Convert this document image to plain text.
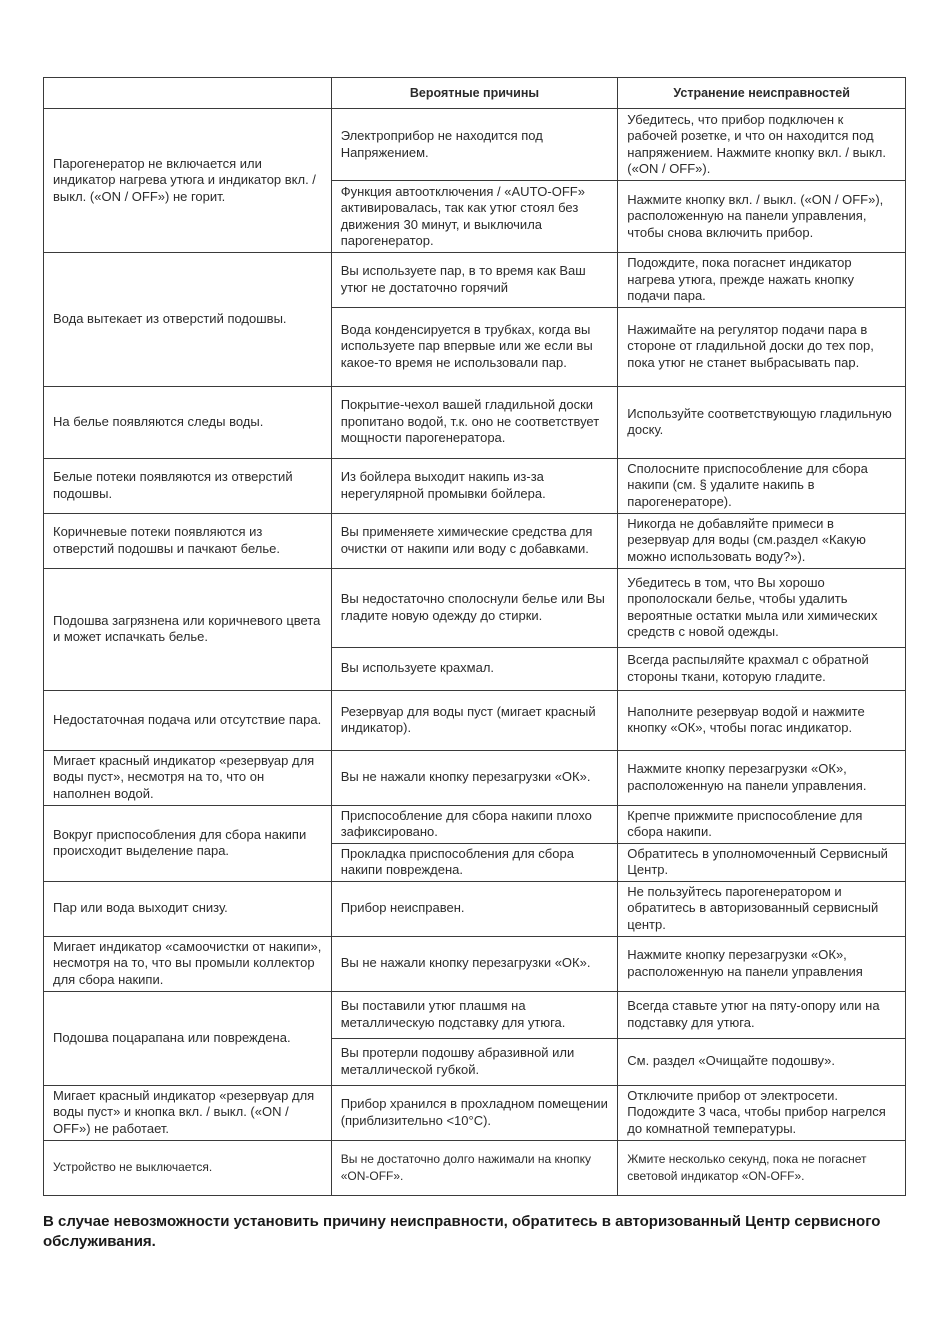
	Вероятные причины	Устранение неисправностей
Парогенератор не включается или индикатор нагрева утюга и индикатор вкл. / выкл. («ON / OFF») не горит.	Электроприбор не находится под Напряжением.	Убедитесь, что прибор подключен к рабочей розетке, и что он находится под напряжением. Нажмите кнопку вкл. / выкл. («ON / OFF»).
	Функция автоотключения / «AUTO-OFF» активировалась, так как утюг стоял без движения 30 минут, и выключила парогенератор.	Нажмите кнопку вкл. / выкл. («ON / OFF»), расположенную на панели управления, чтобы снова включить прибор.
Вода вытекает из отверстий подошвы.	Вы используете пар, в то время как Ваш утюг не достаточно горячий	Подождите, пока погаснет индикатор нагрева утюга, прежде нажать кнопку подачи пара.
	Вода конденсируется в трубках, когда вы используете пар впервые или же если вы какое-то время не использовали пар.	Нажимайте на регулятор подачи пара в стороне от гладильной доски до тех пор, пока утюг не станет выбрасывать пар.
На белье появляются следы воды.	Покрытие-чехол вашей гладильной доски пропитано водой, т.к. оно не соответствует мощности парогенератора.	Используйте соответствующую гладильную доску.
Белые потеки появляются из отверстий подошвы.	Из бойлера выходит накипь из-за нерегулярной промывки бойлера.	Сполосните приспособление для сбора накипи (см. § удалите накипь в парогенераторе).
Коричневые потеки появляются из отверстий подошвы и пачкают белье.	Вы применяете химические средства для очистки от накипи или воду с добавками.	Никогда не добавляйте примеси в резервуар для воды (см.раздел «Какую можно использовать воду?»).
Подошва загрязнена или коричневого цвета и может испачкать белье.	Вы недостаточно сполоснули белье или Вы гладите новую одежду до стирки.	Убедитесь в том, что Вы хорошо прополоскали белье, чтобы удалить вероятные остатки мыла или химических средств с новой одежды.
	Вы используете крахмал.	Всегда распыляйте крахмал с обратной стороны ткани, которую гладите.
Недостаточная подача или отсутствие пара.	Резервуар для воды пуст (мигает красный индикатор).	Наполните резервуар водой и нажмите кнопку «ОК», чтобы погас индикатор.
Мигает красный индикатор «резервуар для воды пуст», несмотря на то, что он наполнен водой.	Вы не нажали кнопку перезагрузки «ОК».	Нажмите кнопку перезагрузки «ОК», расположенную на панели управления.
Вокруг приспособления для сбора накипи происходит выделение пара.	Приспособление для сбора накипи плохо зафиксировано.	Крепче прижмите приспособление для сбора накипи.
	Прокладка приспособления для сбора накипи повреждена.	Обратитесь в уполномоченный Сервисный Центр.
Пар или вода выходит снизу.	Прибор неисправен.	Не пользуйтесь парогенератором и обратитесь в авторизованный сервисный центр.
Мигает индикатор «самоочистки от накипи», несмотря на то, что вы промыли коллектор для сбора накипи.	Вы не нажали кнопку перезагрузки «ОК».	Нажмите кнопку перезагрузки «ОК», расположенную на панели управления
Подошва поцарапана или повреждена.	Вы поставили утюг плашмя на металлическую подставку для утюга.	Всегда ставьте утюг на пяту-опору или на подставку для утюга.
	Вы протерли подошву абразивной или металлической губкой.	См. раздел «Очищайте подошву».
Мигает красный индикатор «резервуар для воды пуст» и кнопка вкл. / выкл. («ON / OFF») не работает.	Прибор хранился в прохладном помещении (приблизительно <10°C).	Отключите прибор от электросети. Подождите 3 часа, чтобы прибор нагрелся до комнатной температуры.
Устройство не выключается.	Вы не достаточно долго нажимали на кнопку «ON-OFF».	Жмите несколько секунд, пока не погаснет световой индикатор «ON-OFF».

В случае невозможности установить причину неисправности, обратитесь в авторизованный Центр сервисного обслуживания.
